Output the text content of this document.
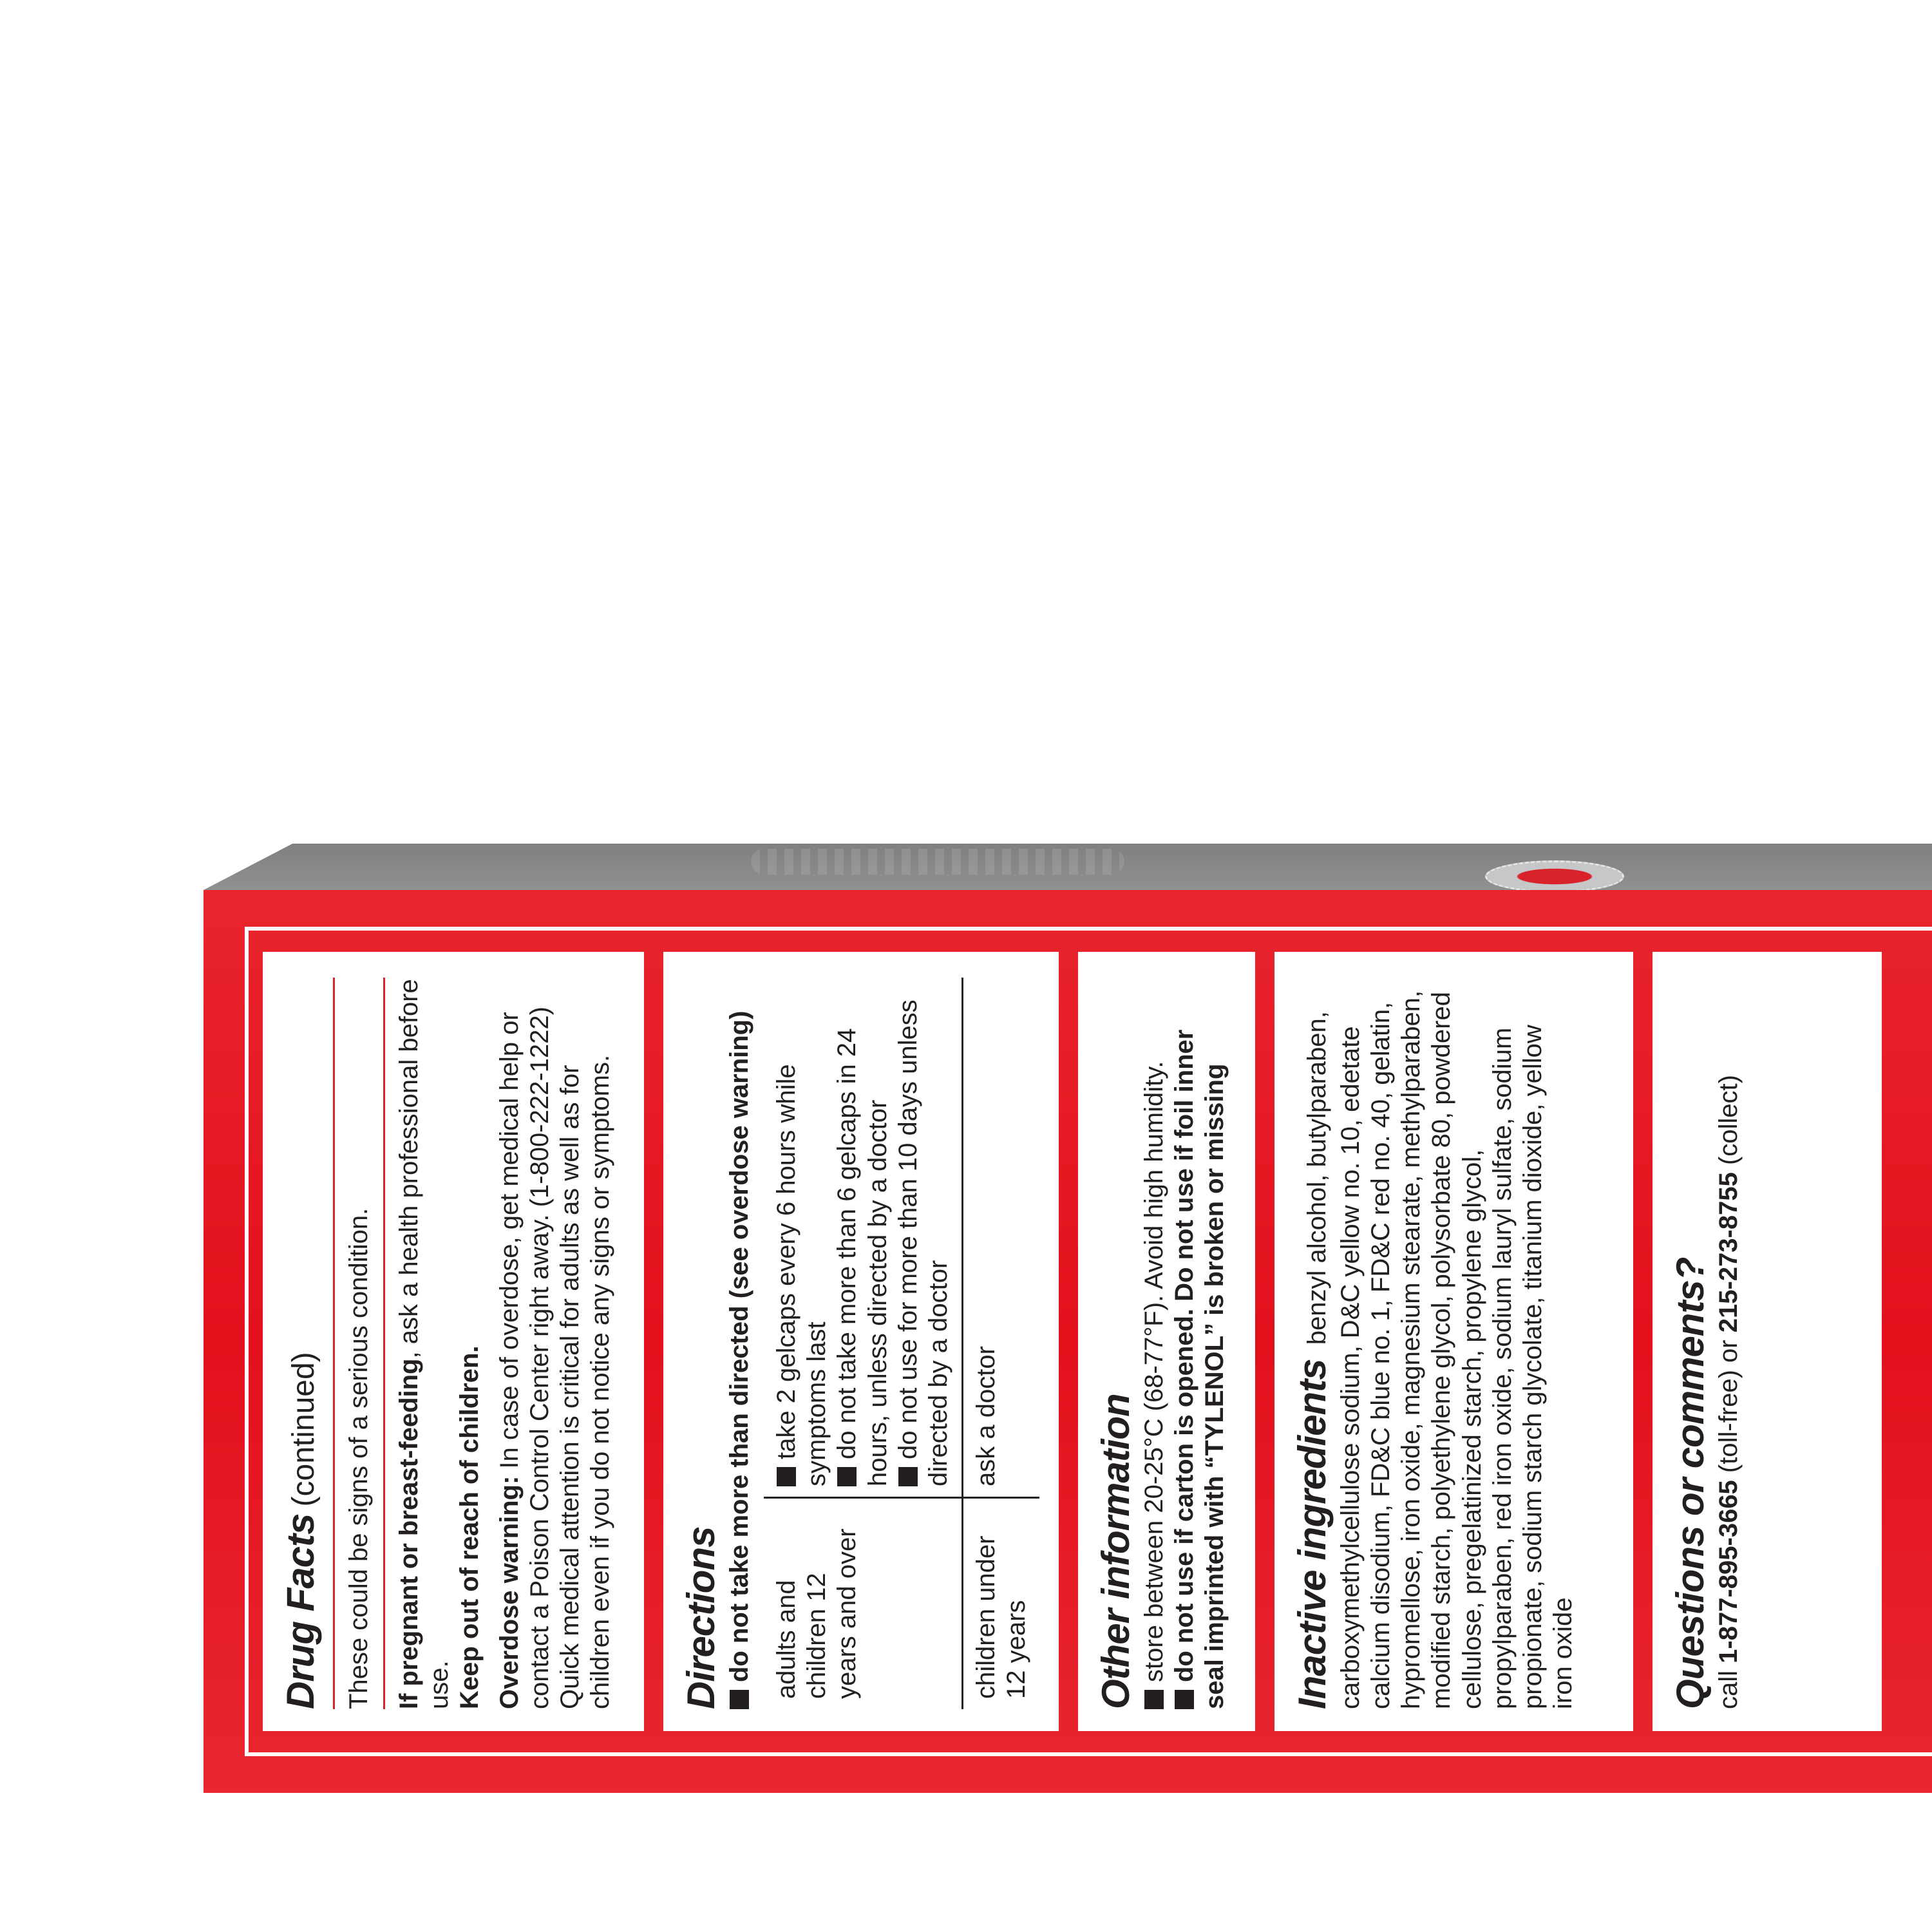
Drug Facts (continued) These could be signs of a serious condition. If pregnant or breast-feeding, ask a health professional before use.
Keep out of reach of children. Overdose warning: In case of overdose, get medical help or contact a Poison Control Center right away. (1-800-222-1222) Quick medical attention is critical for adults as well as for children even if you do not notice any signs or symptoms. Directions do not take more than directed (see overdose warning) adults and children 12 years and over
take 2 gelcaps every 6 hours while symptoms last do not take more than 6 gelcaps in 24 hours, unless directed by a doctor do not use for more than 10 days unless directed by a doctor
children under 12 years
ask a doctor	Other information store between 20-25°C (68-77°F). Avoid high humidity. do not use if carton is opened. Do not use if foil inner seal imprinted with “TYLENOL” is broken or missing Inactive ingredients  benzyl alcohol, butylparaben, carboxymethylcellulose sodium, D&C yellow no. 10, edetate calcium disodium, FD&C blue no. 1, FD&C red no. 40, gelatin, hypromellose, iron oxide, magnesium stearate, methylparaben, modified starch, polyethylene glycol, polysorbate 80, powdered cellulose, pregelatinized starch, propylene glycol, propylparaben, red iron oxide, sodium lauryl sulfate, sodium propionate, sodium starch glycolate, titanium dioxide, yellow iron oxide Questions or comments? call 1-877-895-3665 (toll-free) or 215-273-8755 (collect)
